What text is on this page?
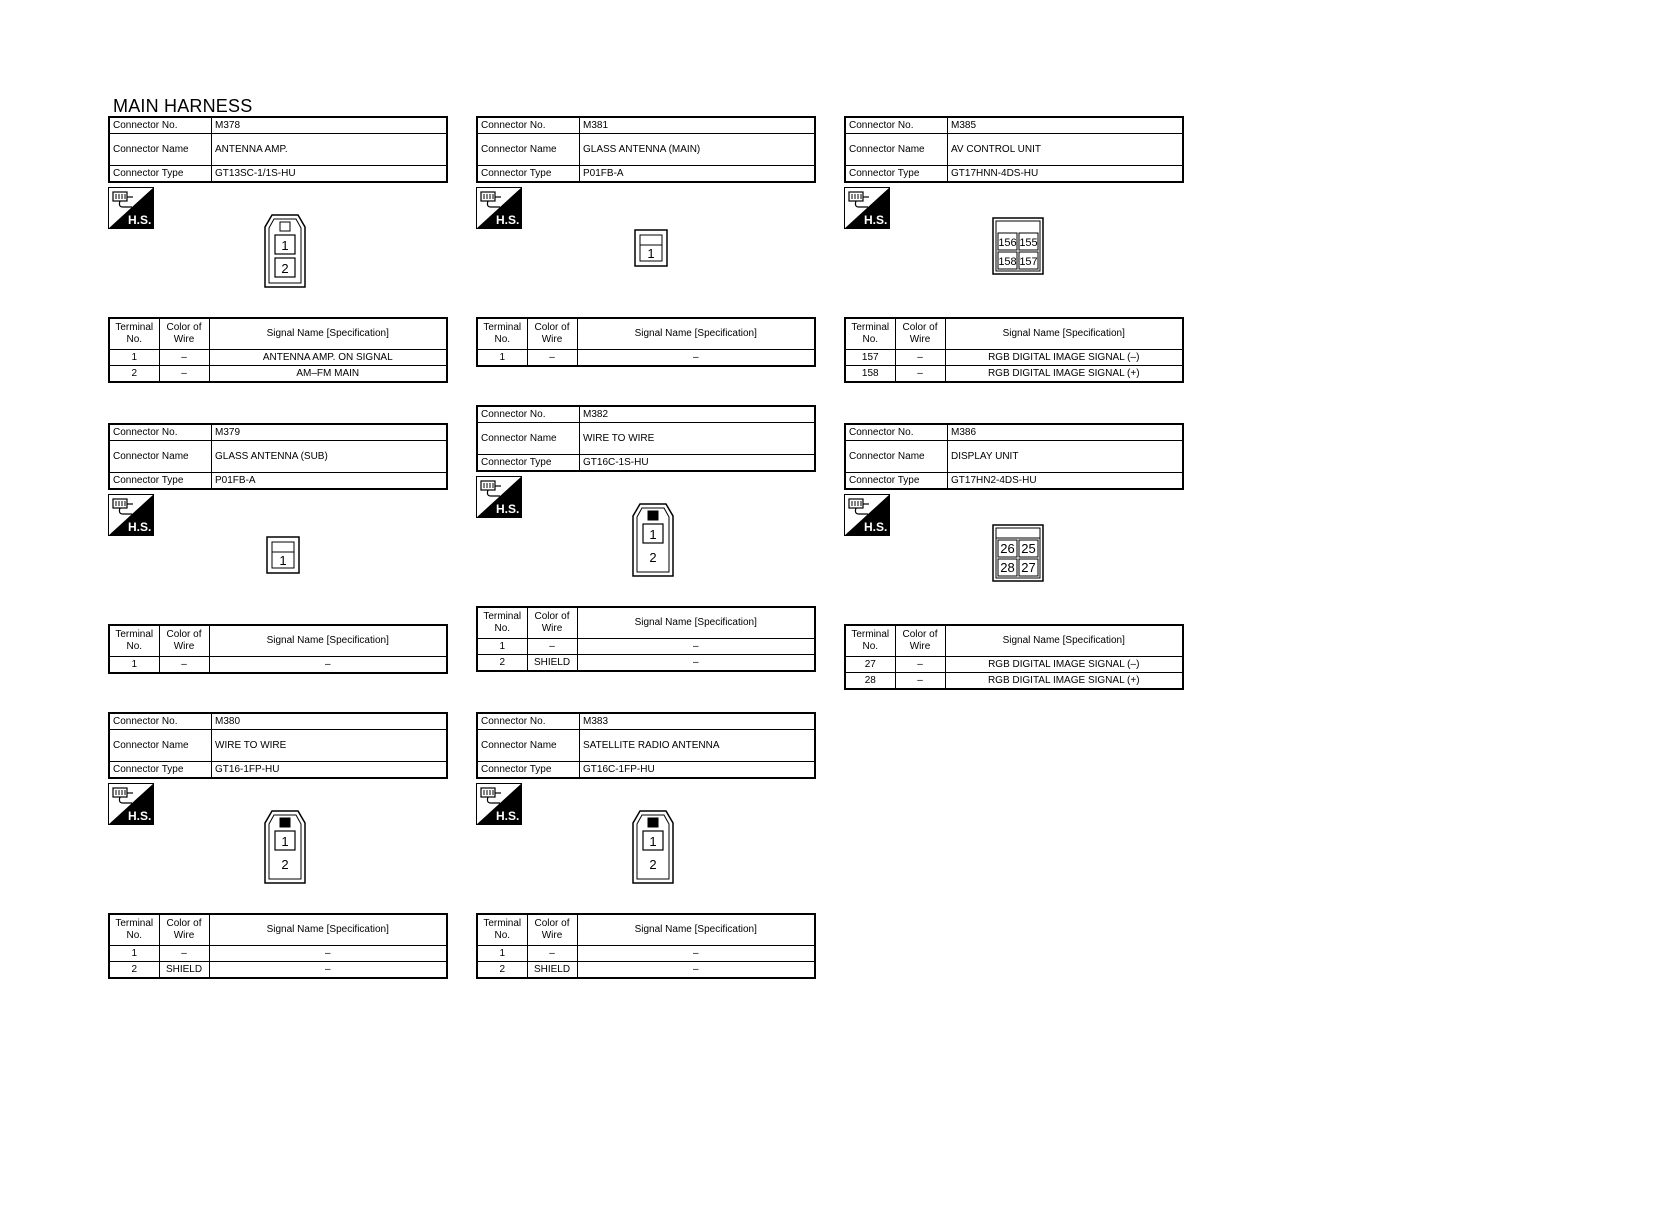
MAIN HARNESS
Connector No.	M378
Connector Name	ANTENNA AMP.
Connector Type	GT13SC-1/1S-HU
H.S.
1
2
Terminal No.	Color of Wire	Signal Name [Specification]
1	–	ANTENNA AMP. ON SIGNAL
2	–	AM–FM MAIN
Connector No.	M381
Connector Name	GLASS ANTENNA (MAIN)
Connector Type	P01FB-A
H.S.
1
Terminal No.	Color of Wire	Signal Name [Specification]
1	–	–
Connector No.	M385
Connector Name	AV CONTROL UNIT
Connector Type	GT17HNN-4DS-HU
H.S.
156 155
158 157
Terminal No.	Color of Wire	Signal Name [Specification]
157	–	RGB DIGITAL IMAGE SIGNAL (–)
158	–	RGB DIGITAL IMAGE SIGNAL (+)
Connector No.	M379
Connector Name	GLASS ANTENNA (SUB)
Connector Type	P01FB-A
H.S.
1
Terminal No.	Color of Wire	Signal Name [Specification]
1	–	–
Connector No.	M382
Connector Name	WIRE TO WIRE
Connector Type	GT16C-1S-HU
H.S.
1
2
Terminal No.	Color of Wire	Signal Name [Specification]
1	–	–
2	SHIELD	–
Connector No.	M386
Connector Name	DISPLAY UNIT
Connector Type	GT17HN2-4DS-HU
H.S.
26 25
28 27
Terminal No.	Color of Wire	Signal Name [Specification]
27	–	RGB DIGITAL IMAGE SIGNAL (–)
28	–	RGB DIGITAL IMAGE SIGNAL (+)
Connector No.	M380
Connector Name	WIRE TO WIRE
Connector Type	GT16-1FP-HU
H.S.
1
2
Terminal No.	Color of Wire	Signal Name [Specification]
1	–	–
2	SHIELD	–
Connector No.	M383
Connector Name	SATELLITE RADIO ANTENNA
Connector Type	GT16C-1FP-HU
H.S.
1
2
Terminal No.	Color of Wire	Signal Name [Specification]
1	–	–
2	SHIELD	–
